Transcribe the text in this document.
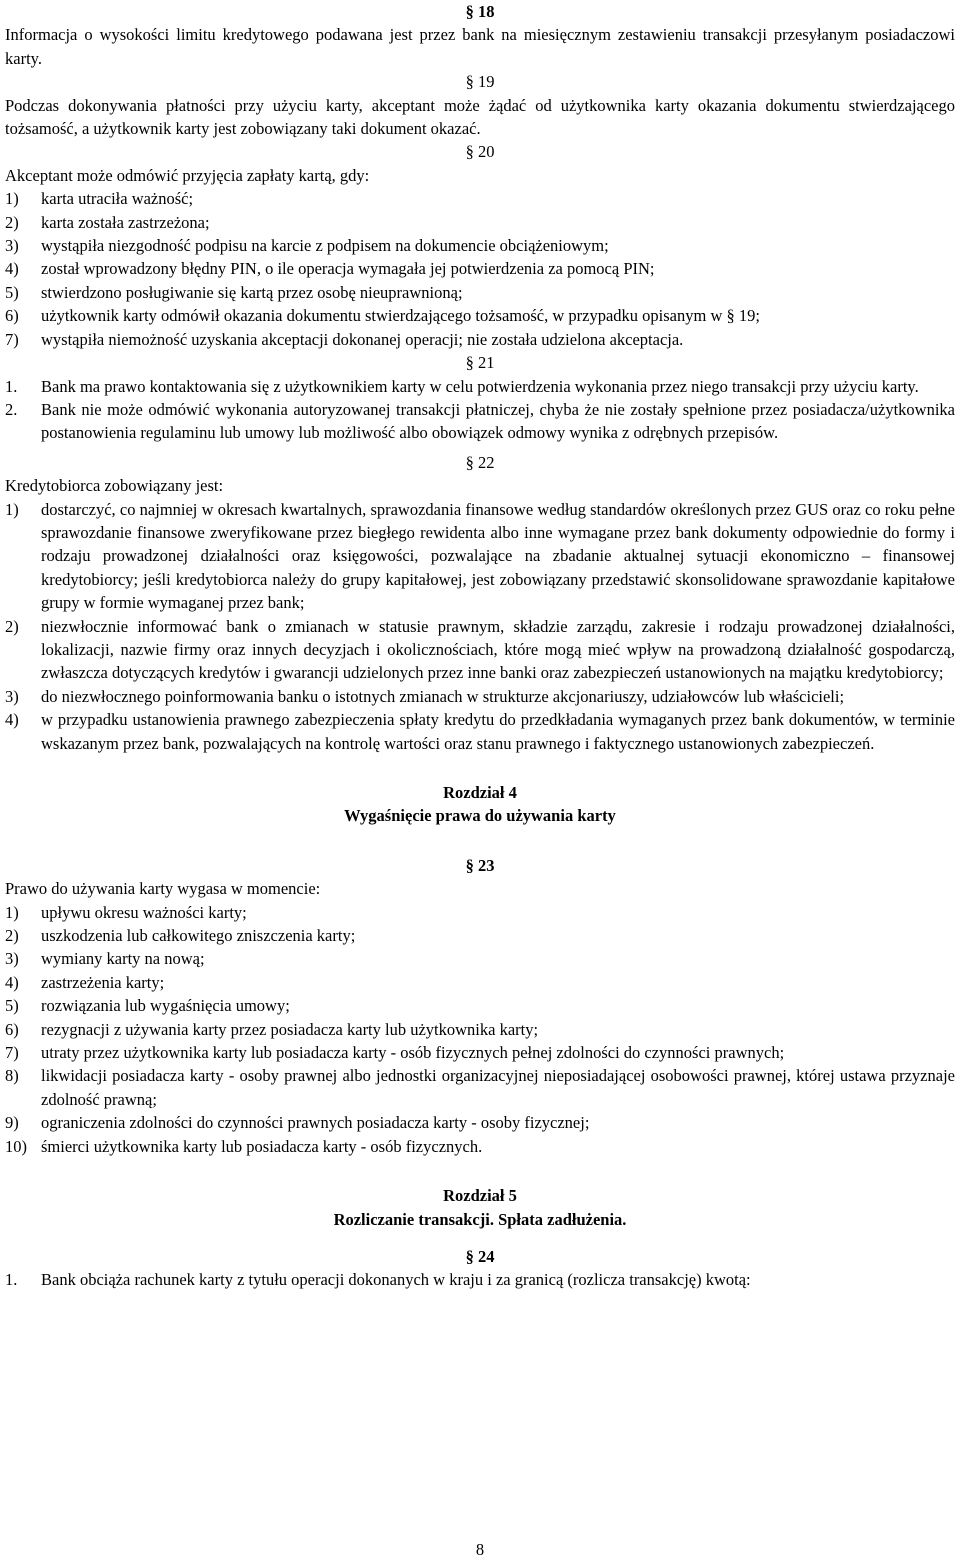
§ 18
Informacja o wysokości limitu kredytowego podawana jest przez bank na miesięcznym zestawieniu transakcji przesyłanym posiadaczowi karty.
§ 19
Podczas dokonywania płatności przy użyciu karty, akceptant może żądać od użytkownika karty okazania dokumentu stwierdzającego tożsamość, a użytkownik karty jest zobowiązany taki dokument okazać.
§ 20
Akceptant może odmówić przyjęcia zapłaty kartą, gdy:
1) karta utraciła ważność;
2) karta została zastrzeżona;
3) wystąpiła niezgodność podpisu na karcie z podpisem na dokumencie obciążeniowym;
4) został wprowadzony błędny PIN, o ile operacja wymagała jej potwierdzenia za pomocą PIN;
5) stwierdzono posługiwanie się kartą przez osobę nieuprawnioną;
6) użytkownik karty odmówił okazania dokumentu stwierdzającego tożsamość, w przypadku opisanym w § 19;
7) wystąpiła niemożność uzyskania akceptacji dokonanej operacji; nie została udzielona akceptacja.
§ 21
1. Bank ma prawo kontaktowania się z użytkownikiem karty w celu potwierdzenia wykonania przez niego transakcji przy użyciu karty.
2. Bank nie może odmówić wykonania autoryzowanej transakcji płatniczej, chyba że nie zostały spełnione przez posiadacza/użytkownika postanowienia regulaminu lub umowy lub możliwość albo obowiązek odmowy wynika z odrębnych przepisów.
§ 22
Kredytobiorca zobowiązany jest:
1) dostarczyć, co najmniej w okresach kwartalnych, sprawozdania finansowe według standardów określonych przez GUS oraz co roku pełne sprawozdanie finansowe zweryfikowane przez biegłego rewidenta albo inne wymagane przez bank dokumenty odpowiednie do formy i rodzaju prowadzonej działalności oraz księgowości, pozwalające na zbadanie aktualnej sytuacji ekonomiczno – finansowej kredytobiorcy; jeśli kredytobiorca należy do grupy kapitałowej, jest zobowiązany przedstawić skonsolidowane sprawozdanie kapitałowe grupy w formie wymaganej przez bank;
2) niezwłocznie informować bank o zmianach w statusie prawnym, składzie zarządu, zakresie i rodzaju prowadzonej działalności, lokalizacji, nazwie firmy oraz innych decyzjach i okolicznościach, które mogą mieć wpływ na prowadzoną działalność gospodarczą, zwłaszcza dotyczących kredytów i gwarancji udzielonych przez inne banki oraz zabezpieczeń ustanowionych na majątku kredytobiorcy;
3) do niezwłocznego poinformowania banku o istotnych zmianach w strukturze akcjonariuszy, udziałowców lub właścicieli;
4) w przypadku ustanowienia prawnego zabezpieczenia spłaty kredytu do przedkładania wymaganych przez bank dokumentów, w terminie wskazanym przez bank, pozwalających na kontrolę wartości oraz stanu prawnego i faktycznego ustanowionych zabezpieczeń.
Rozdział 4
Wygaśnięcie prawa do używania karty
§ 23
Prawo do używania karty wygasa w momencie:
1) upływu okresu ważności karty;
2) uszkodzenia lub całkowitego zniszczenia karty;
3) wymiany karty na nową;
4) zastrzeżenia karty;
5) rozwiązania lub wygaśnięcia umowy;
6) rezygnacji z używania karty przez posiadacza karty lub użytkownika karty;
7) utraty przez użytkownika karty lub posiadacza karty - osób fizycznych pełnej zdolności do czynności prawnych;
8) likwidacji posiadacza karty - osoby prawnej albo jednostki organizacyjnej nieposiadającej osobowości prawnej, której ustawa przyznaje zdolność prawną;
9) ograniczenia zdolności do czynności prawnych posiadacza karty - osoby fizycznej;
10) śmierci użytkownika karty lub posiadacza karty - osób fizycznych.
Rozdział 5
Rozliczanie transakcji. Spłata zadłużenia.
§ 24
1. Bank obciąża rachunek karty z tytułu operacji dokonanych w kraju i za granicą (rozlicza transakcję) kwotą:
8
